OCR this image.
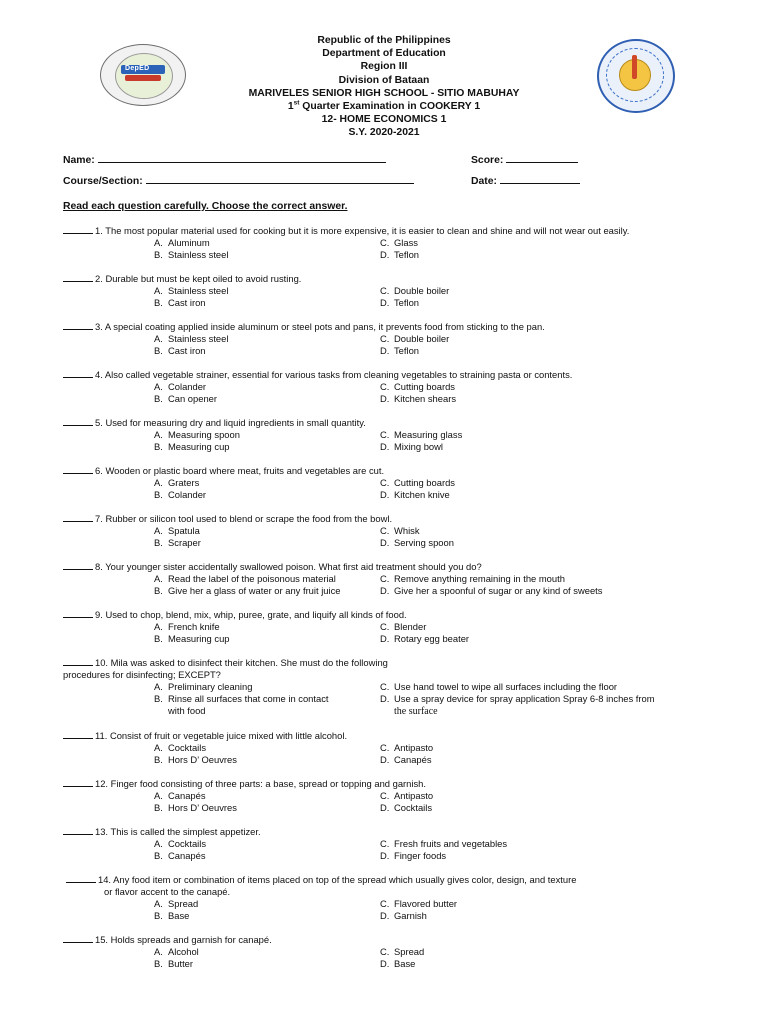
DepED
Republic of the Philippines
Department of Education
Region III
Division of Bataan
MARIVELES SENIOR HIGH SCHOOL - SITIO MABUHAY
1st Quarter Examination in COOKERY 1
12- HOME ECONOMICS 1
S.Y. 2020-2021
Name:	Score:
Course/Section:	Date:
Read each question carefully. Choose the correct answer.
1. The most popular material used for cooking but it is more expensive, it is easier to clean and shine and will not wear out easily.
A. Aluminum
B. Stainless steel
C. Glass
D. Teflon
2. Durable but must be kept oiled to avoid rusting.
A. Stainless steel
B. Cast iron
C. Double boiler
D. Teflon
3. A special coating applied inside aluminum or steel pots and pans, it prevents food from sticking to the pan.
A. Stainless steel
B. Cast iron
C. Double boiler
D. Teflon
4. Also called vegetable strainer, essential for various tasks from cleaning vegetables to straining pasta or contents.
A. Colander
B. Can opener
C. Cutting boards
D. Kitchen shears
5. Used for measuring dry and liquid ingredients in small quantity.
A. Measuring spoon
B. Measuring cup
C. Measuring glass
D. Mixing bowl
6. Wooden or plastic board where meat, fruits and vegetables are cut.
A. Graters
B. Colander
C. Cutting boards
D. Kitchen knive
7. Rubber or silicon tool used to blend or scrape the food from the bowl.
A. Spatula
B. Scraper
C. Whisk
D. Serving spoon
8. Your younger sister accidentally swallowed poison. What first aid treatment should you do?
A. Read the label of the poisonous material
B. Give her a glass of water or any fruit juice
C. Remove anything remaining in the mouth
D. Give her a spoonful of sugar or any kind of sweets
9. Used to chop, blend, mix, whip, puree, grate, and liquify all kinds of food.
A. French knife
B. Measuring cup
C. Blender
D. Rotary egg beater
10. Mila was asked to disinfect their kitchen. She must do the following
procedures for disinfecting; EXCEPT?
A. Preliminary cleaning
B. Rinse all surfaces that come in contact
with food
C. Use hand towel to wipe all surfaces including the floor
D. Use a spray device for spray application Spray 6-8 inches from
the surface
11. Consist of fruit or vegetable juice mixed with little alcohol.
A. Cocktails
B. Hors D’ Oeuvres
C. Antipasto
D. Canapés
12. Finger food consisting of three parts: a base, spread or topping and garnish.
A. Canapés
B. Hors D’ Oeuvres
C. Antipasto
D. Cocktails
13. This is called the simplest appetizer.
A. Cocktails
B. Canapés
C. Fresh fruits and vegetables
D. Finger foods
14. Any food item or combination of items placed on top of the spread which usually gives color, design, and texture
or flavor accent to the canapé.
A. Spread
B. Base
C. Flavored butter
D. Garnish
15. Holds spreads and garnish for canapé.
A. Alcohol
B. Butter
C. Spread
D. Base
